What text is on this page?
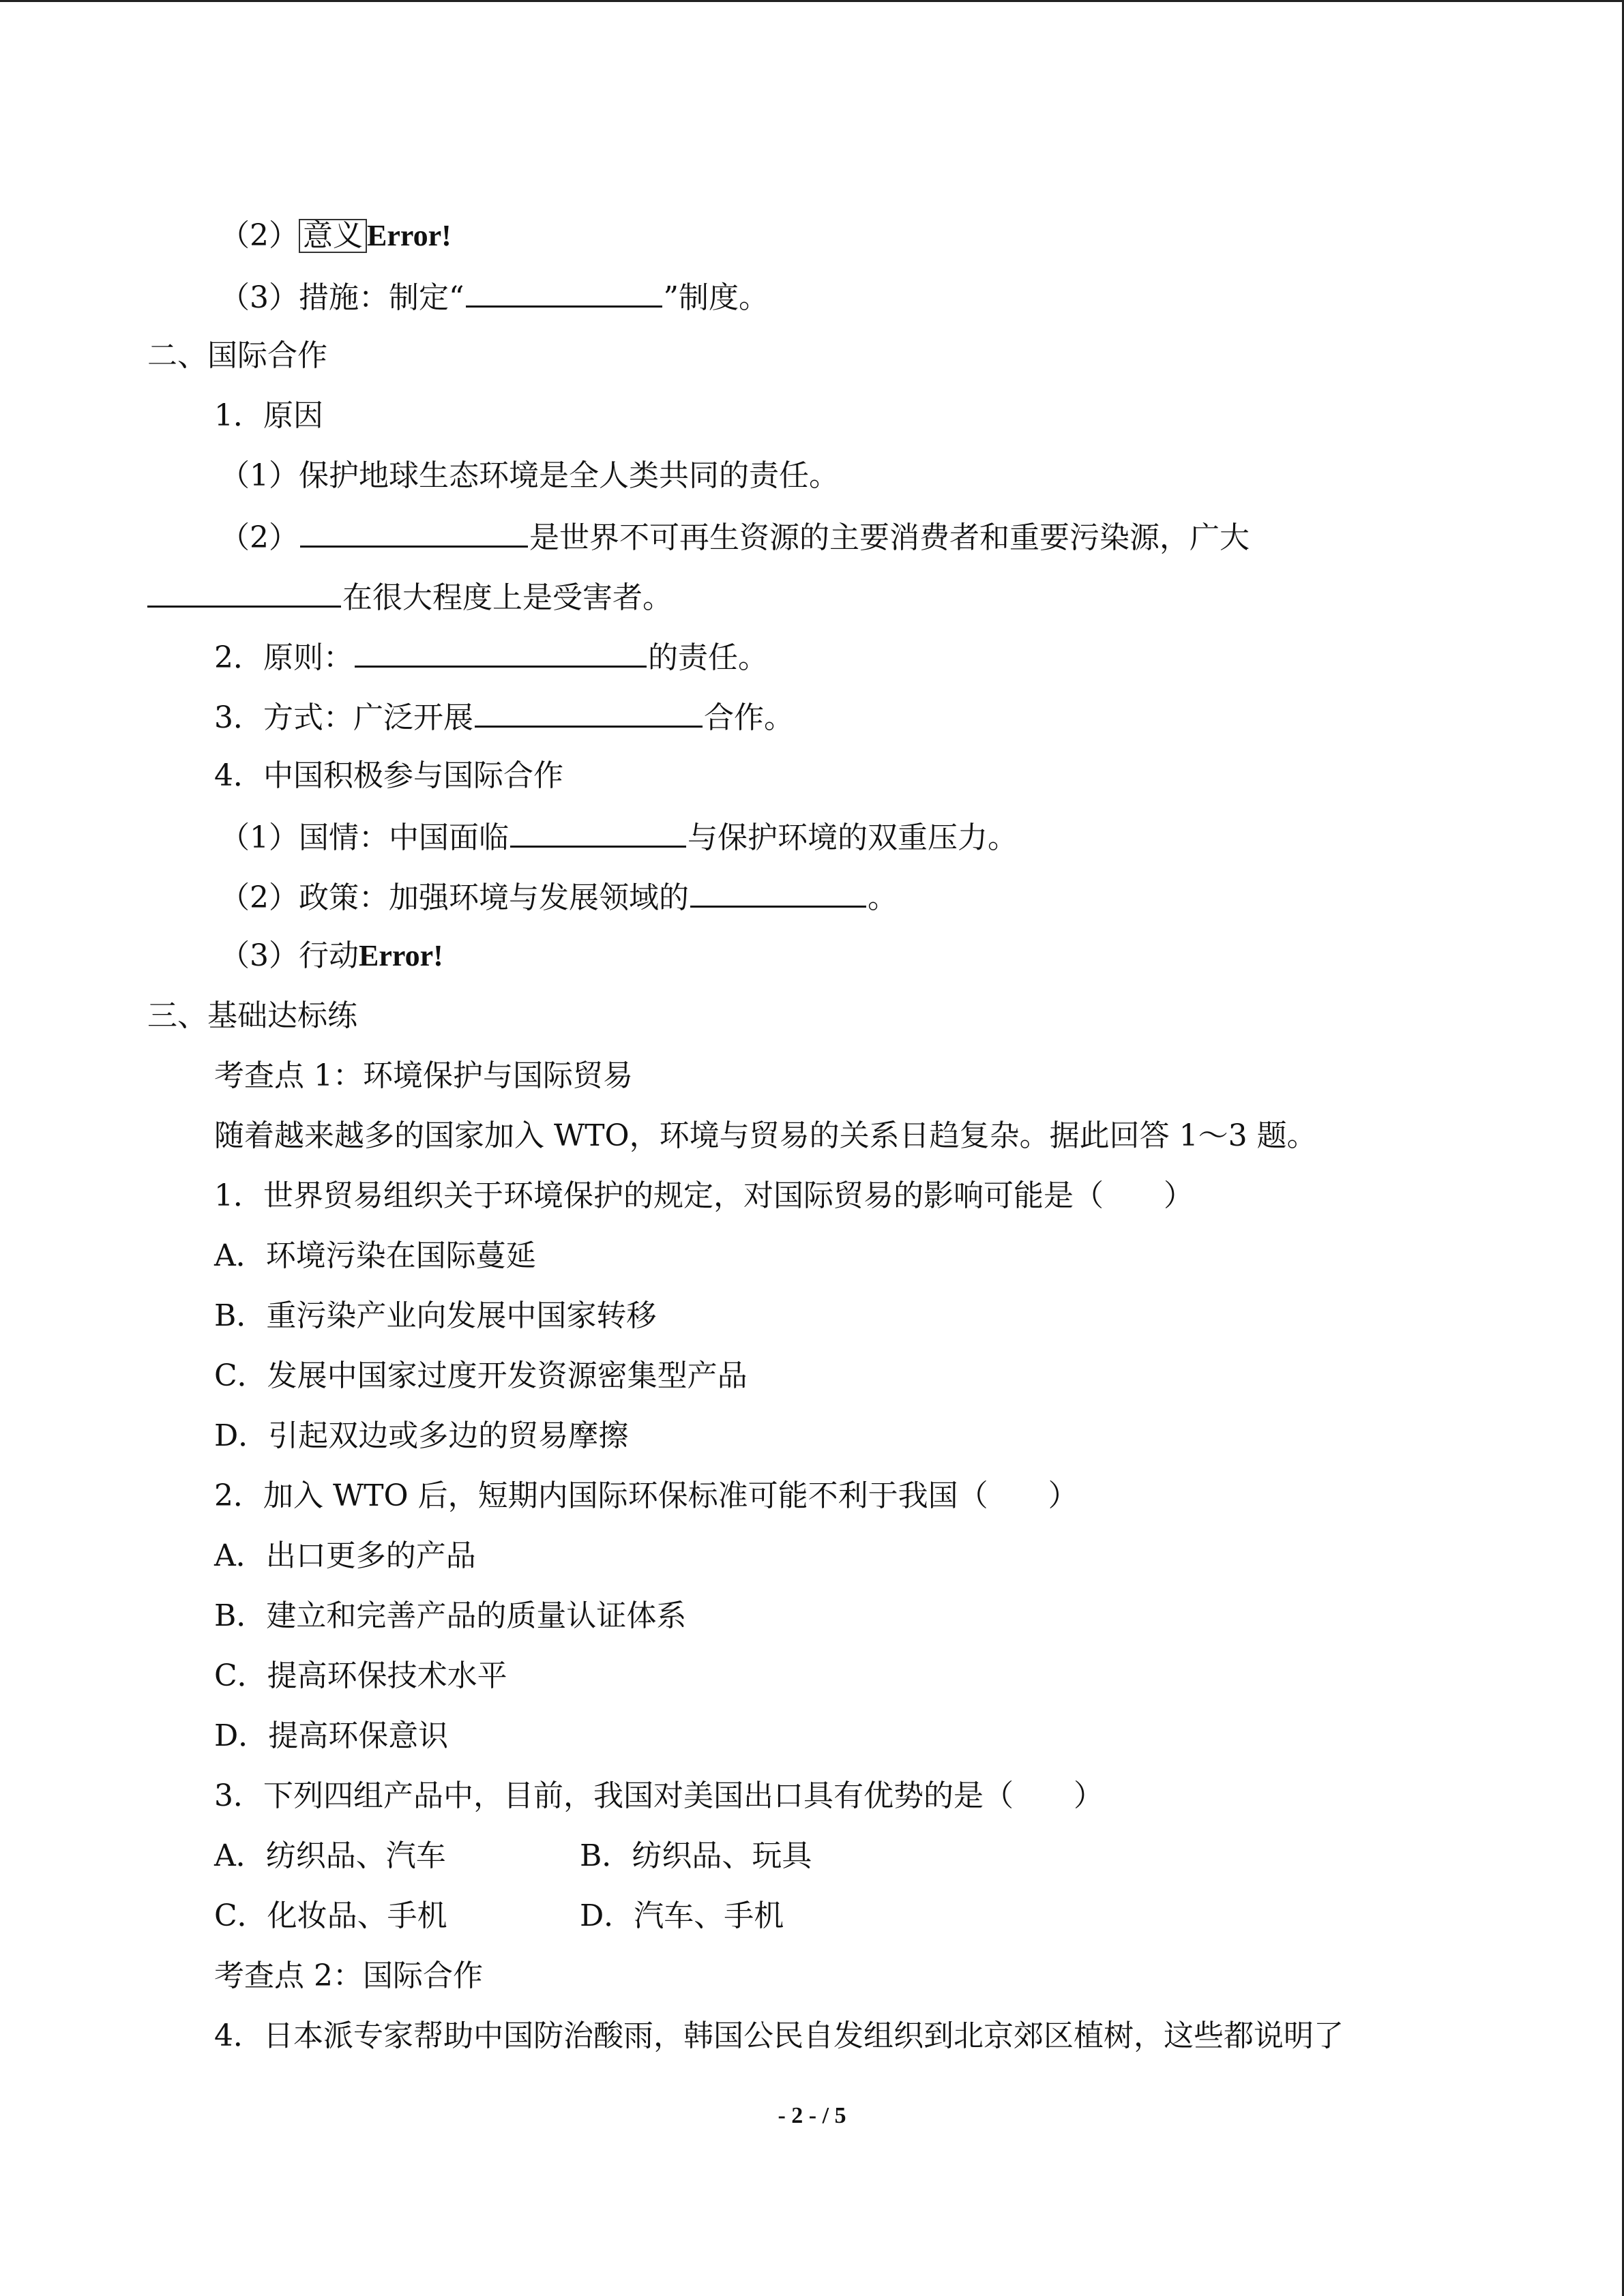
（2） 意义 Error!
（3）措施：制定“	”制度。
二、国际合作
1．原因
（1）保护地球生态环境是全人类共同的责任。
（2）	是世界不可再生资源的主要消费者和重要污染源，广大
在很大程度上是受害者。
2．原则：	的责任。
3．方式：广泛开展	合作。
4．中国积极参与国际合作
（1）国情：中国面临	与保护环境的双重压力。
（2）政策：加强环境与发展领域的	。
（3）行动Error!
三、基础达标练
考查点 1：环境保护与国际贸易
随着越来越多的国家加入 WTO，环境与贸易的关系日趋复杂。据此回答 1～3 题。
1．世界贸易组织关于环境保护的规定，对国际贸易的影响可能是（　　）
A．环境污染在国际蔓延
B．重污染产业向发展中国家转移
C．发展中国家过度开发资源密集型产品
D．引起双边或多边的贸易摩擦
2．加入 WTO 后，短期内国际环保标准可能不利于我国（　　）
A．出口更多的产品
B．建立和完善产品的质量认证体系
C．提高环保技术水平
D．提高环保意识
3．下列四组产品中，目前，我国对美国出口具有优势的是（　　）
A．纺织品、汽车	B．纺织品、玩具
C．化妆品、手机	D．汽车、手机
考查点 2：国际合作
4．日本派专家帮助中国防治酸雨，韩国公民自发组织到北京郊区植树，这些都说明了
- 2 - / 5
